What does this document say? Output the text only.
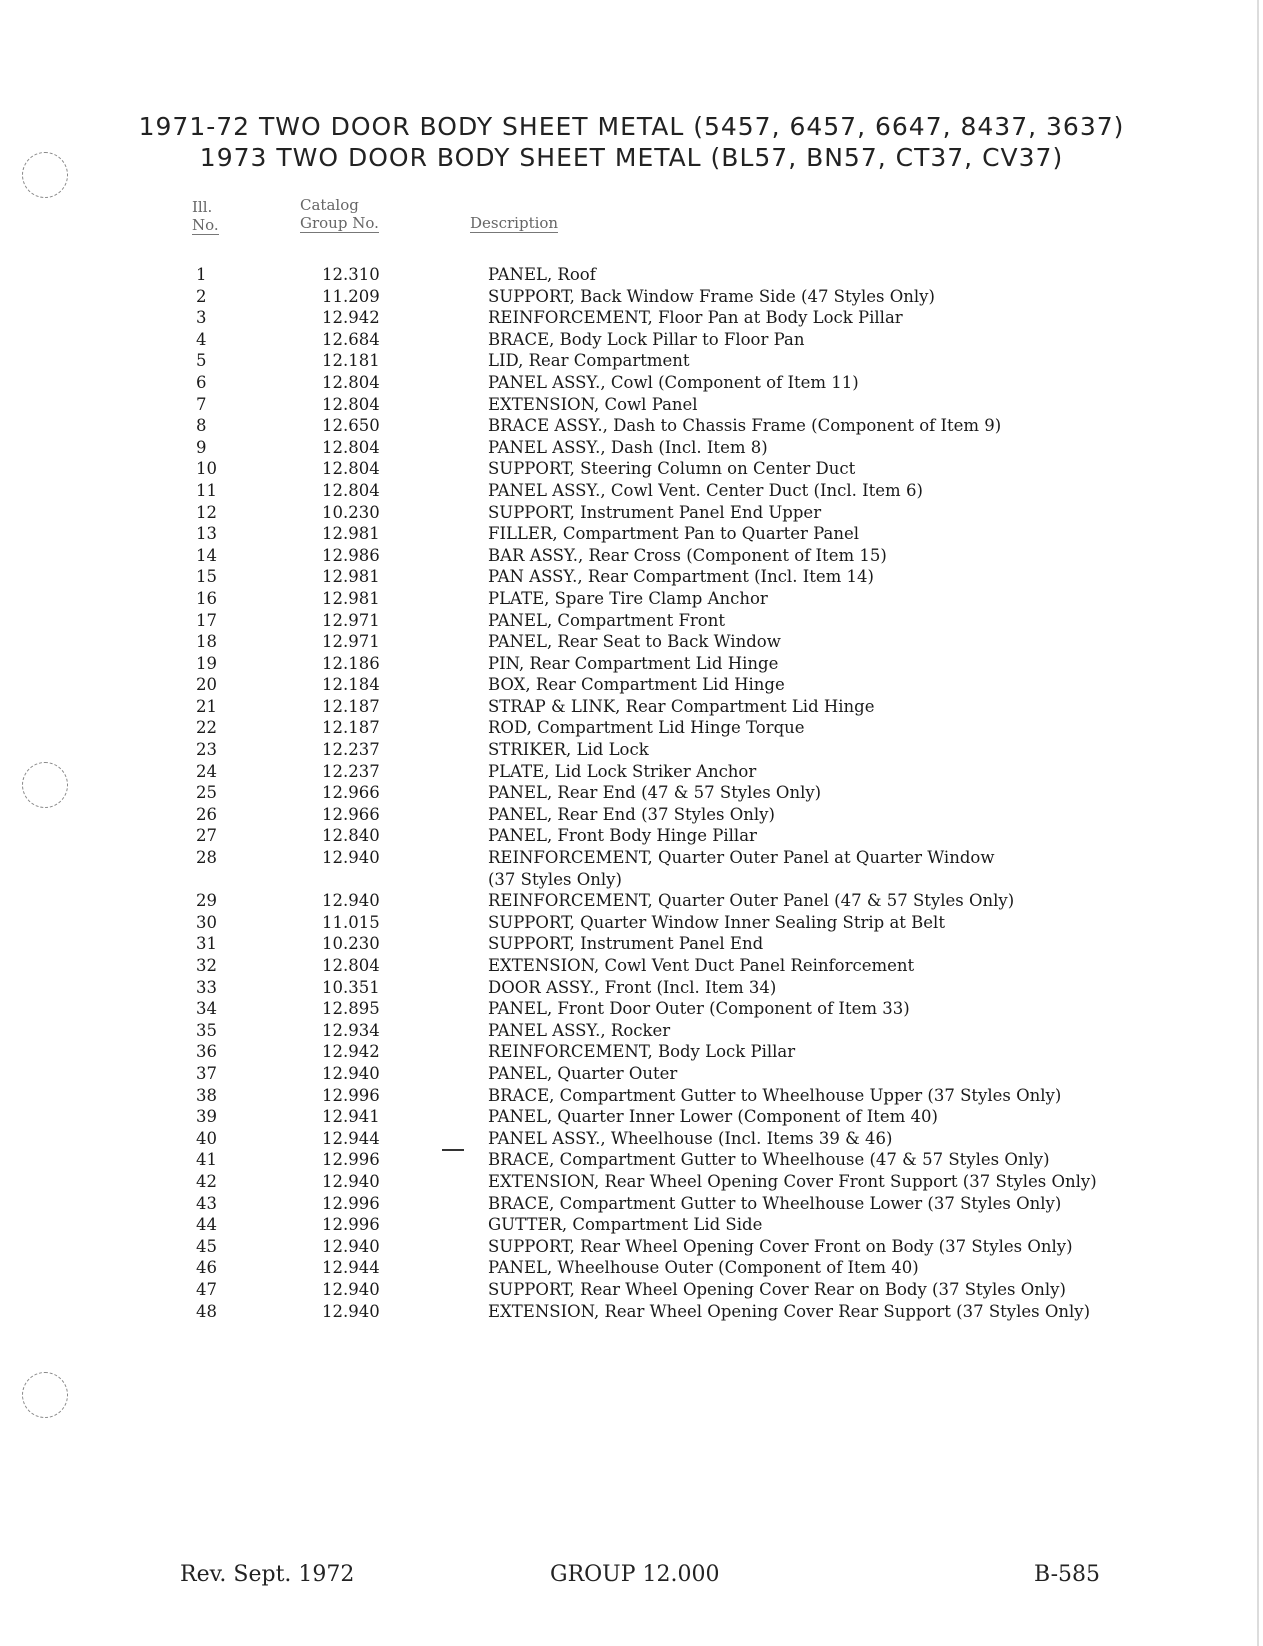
1971-72 TWO DOOR BODY SHEET METAL (5457, 6457, 6647, 8437, 3637)
1973 TWO DOOR BODY SHEET METAL (BL57, BN57, CT37, CV37)
Ill.
No.
Catalog
Group No.	Description
1	12.310	PANEL, Roof
2	11.209	SUPPORT, Back Window Frame Side (47 Styles Only)
3	12.942	REINFORCEMENT, Floor Pan at Body Lock Pillar
4	12.684	BRACE, Body Lock Pillar to Floor Pan
5	12.181	LID, Rear Compartment
6	12.804	PANEL ASSY., Cowl (Component of Item 11)
7	12.804	EXTENSION, Cowl Panel
8	12.650	BRACE ASSY., Dash to Chassis Frame (Component of Item 9)
9	12.804	PANEL ASSY., Dash (Incl. Item 8)
10	12.804	SUPPORT, Steering Column on Center Duct
11	12.804	PANEL ASSY., Cowl Vent. Center Duct (Incl. Item 6)
12	10.230	SUPPORT, Instrument Panel End Upper
13	12.981	FILLER, Compartment Pan to Quarter Panel
14	12.986	BAR ASSY., Rear Cross (Component of Item 15)
15	12.981	PAN ASSY., Rear Compartment (Incl. Item 14)
16	12.981	PLATE, Spare Tire Clamp Anchor
17	12.971	PANEL, Compartment Front
18	12.971	PANEL, Rear Seat to Back Window
19	12.186	PIN, Rear Compartment Lid Hinge
20	12.184	BOX, Rear Compartment Lid Hinge
21	12.187	STRAP & LINK, Rear Compartment Lid Hinge
22	12.187	ROD, Compartment Lid Hinge Torque
23	12.237	STRIKER, Lid Lock
24	12.237	PLATE, Lid Lock Striker Anchor
25	12.966	PANEL, Rear End (47 & 57 Styles Only)
26	12.966	PANEL, Rear End (37 Styles Only)
27	12.840	PANEL, Front Body Hinge Pillar
28	12.940	REINFORCEMENT, Quarter Outer Panel at Quarter Window
(37 Styles Only)
29	12.940	REINFORCEMENT, Quarter Outer Panel (47 & 57 Styles Only)
30	11.015	SUPPORT, Quarter Window Inner Sealing Strip at Belt
31	10.230	SUPPORT, Instrument Panel End
32	12.804	EXTENSION, Cowl Vent Duct Panel Reinforcement
33	10.351	DOOR ASSY., Front (Incl. Item 34)
34	12.895	PANEL, Front Door Outer (Component of Item 33)
35	12.934	PANEL ASSY., Rocker
36	12.942	REINFORCEMENT, Body Lock Pillar
37	12.940	PANEL, Quarter Outer
38	12.996	BRACE, Compartment Gutter to Wheelhouse Upper (37 Styles Only)
39	12.941	PANEL, Quarter Inner Lower (Component of Item 40)
40	12.944	PANEL ASSY., Wheelhouse (Incl. Items 39 & 46)
41	12.996	BRACE, Compartment Gutter to Wheelhouse (47 & 57 Styles Only)
42	12.940	EXTENSION, Rear Wheel Opening Cover Front Support (37 Styles Only)
43	12.996	BRACE, Compartment Gutter to Wheelhouse Lower (37 Styles Only)
44	12.996	GUTTER, Compartment Lid Side
45	12.940	SUPPORT, Rear Wheel Opening Cover Front on Body (37 Styles Only)
46	12.944	PANEL, Wheelhouse Outer (Component of Item 40)
47	12.940	SUPPORT, Rear Wheel Opening Cover Rear on Body (37 Styles Only)
48	12.940	EXTENSION, Rear Wheel Opening Cover Rear Support (37 Styles Only)
Rev. Sept. 1972	GROUP 12.000	B-585
